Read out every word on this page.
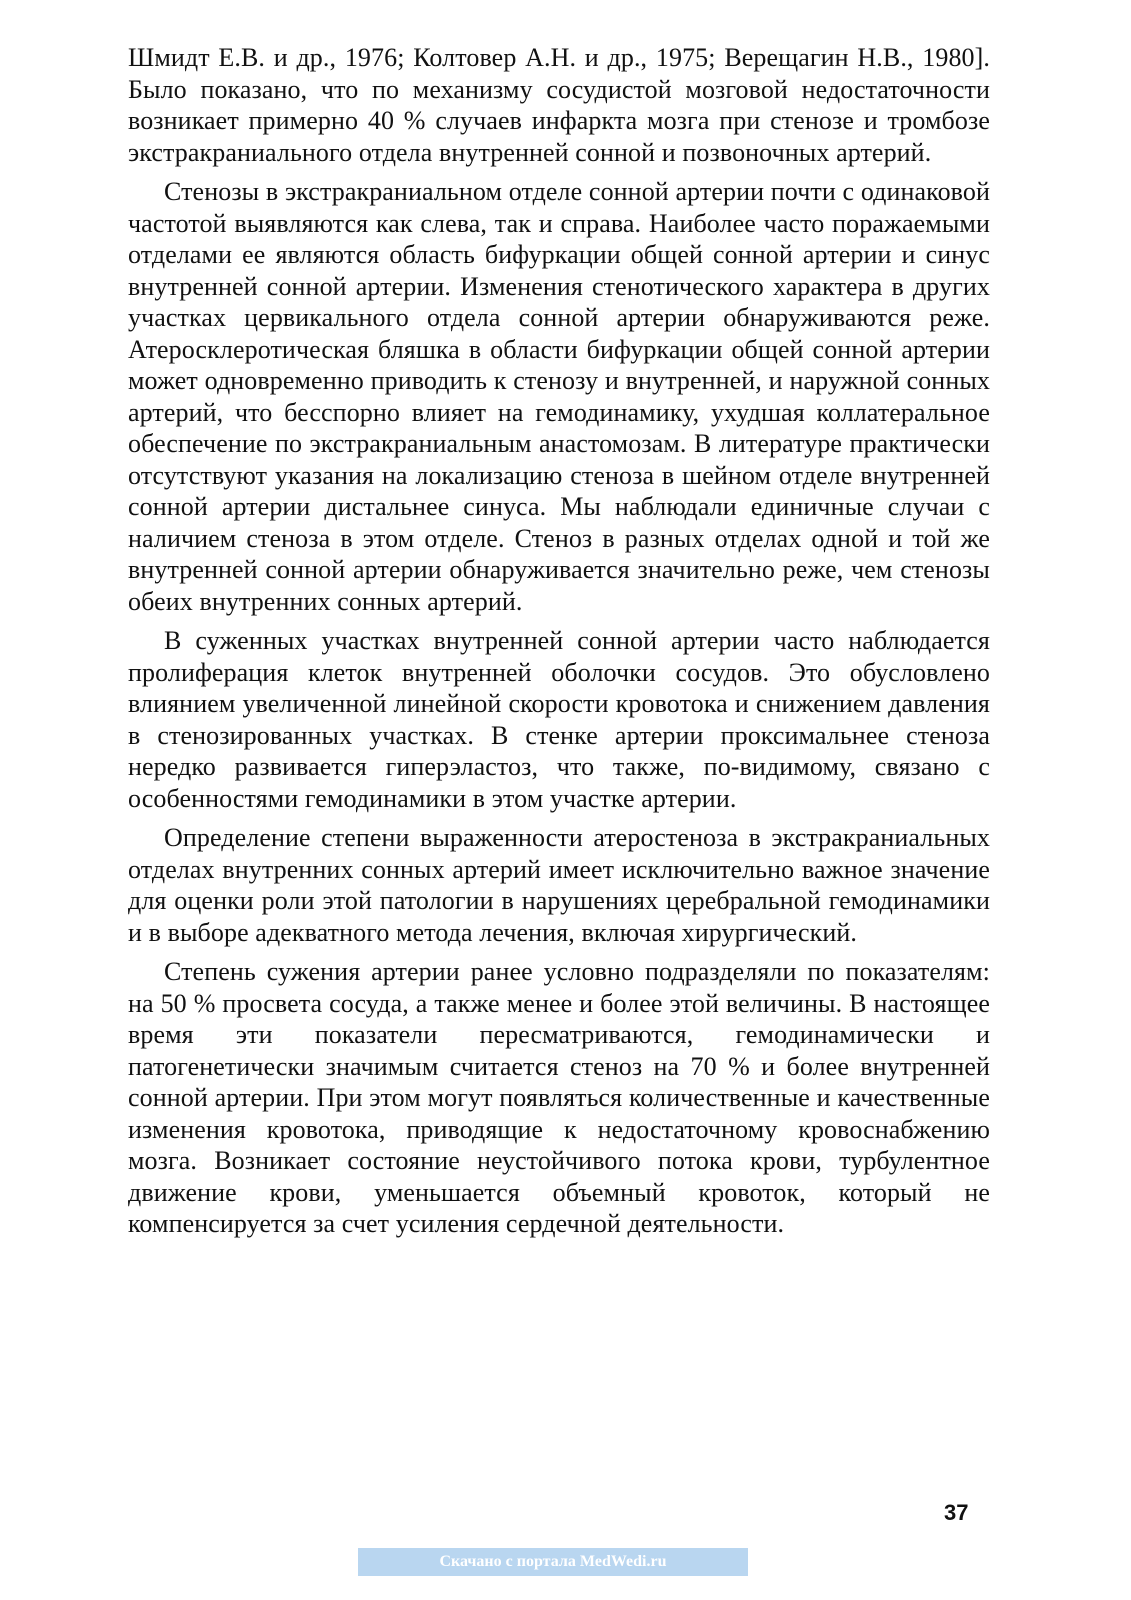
Шмидт Е.В. и др., 1976; Колтовер А.Н. и др., 1975; Верещагин Н.В., 1980]. Было показано, что по механизму сосудистой мозговой недостаточности возникает примерно 40 % случаев инфаркта мозга при стенозе и тромбозе экстракраниального отдела внутренней сонной и позвоночных артерий.

Стенозы в экстракраниальном отделе сонной артерии почти с одинаковой частотой выявляются как слева, так и справа. Наиболее часто поражаемыми отделами ее являются область бифуркации общей сонной артерии и синус внутренней сонной артерии. Изменения стенотического характера в других участках цервикального отдела сонной артерии обнаруживаются реже. Атеросклеротическая бляшка в области бифуркации общей сонной артерии может одновременно приводить к стенозу и внутренней, и наружной сонных артерий, что бесспорно влияет на гемодинамику, ухудшая коллатеральное обеспечение по экстракраниальным анастомозам. В литературе практически отсутствуют указания на локализацию стеноза в шейном отделе внутренней сонной артерии дистальнее синуса. Мы наблюдали единичные случаи с наличием стеноза в этом отделе. Стеноз в разных отделах одной и той же внутренней сонной артерии обнаруживается значительно реже, чем стенозы обеих внутренних сонных артерий.

В суженных участках внутренней сонной артерии часто наблюдается пролиферация клеток внутренней оболочки сосудов. Это обусловлено влиянием увеличенной линейной скорости кровотока и снижением давления в стенозированных участках. В стенке артерии проксимальнее стеноза нередко развивается гиперэластоз, что также, по-видимому, связано с особенностями гемодинамики в этом участке артерии.

Определение степени выраженности атеростеноза в экстракраниальных отделах внутренних сонных артерий имеет исключительно важное значение для оценки роли этой патологии в нарушениях церебральной гемодинамики и в выборе адекватного метода лечения, включая хирургический.

Степень сужения артерии ранее условно подразделяли по показателям: на 50 % просвета сосуда, а также менее и более этой величины. В настоящее время эти показатели пересматриваются, гемодинамически и патогенетически значимым считается стеноз на 70 % и более внутренней сонной артерии. При этом могут появляться количественные и качественные изменения кровотока, приводящие к недостаточному кровоснабжению мозга. Возникает состояние неустойчивого потока крови, турбулентное движение крови, уменьшается объемный кровоток, который не компенсируется за счет усиления сердечной деятельности.

37
Скачано с портала MedWedi.ru
